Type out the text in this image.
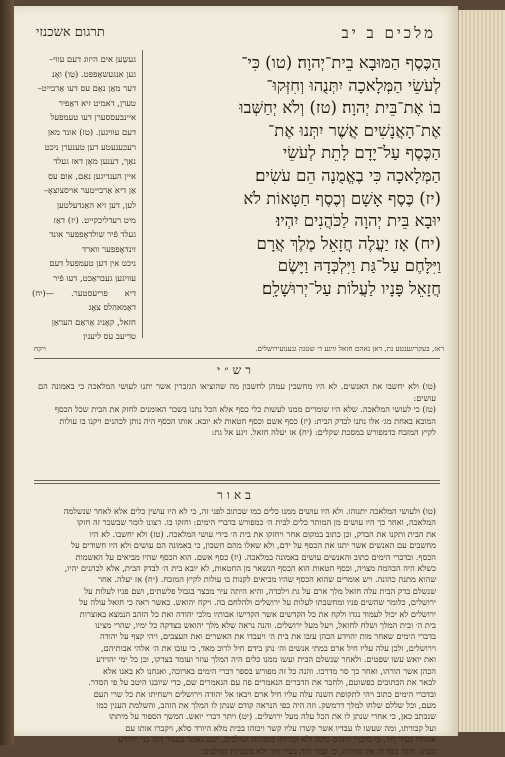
תרגום אשכנזי	מלכים ב יב

געשַען אים היזוג דעם עווי–

גען אנגעשאַפפט. (טו) ואָנ

דער מאַן נאַם עס דעו אַרבייט–

טערן, דאמיט זיא דאַפיר

איינבעססערן דעו טעמפעל

דעם עוויגען. (טז) אונד מאן

רעכענעטע דען טענערן ניכט

נאַך, דענען מאַן דאז געלד

איין הענדיגען נאַם, אום עס

אַן דיא אַרבייטער אויסצוצאָ–

לען, דען זיא האַנדעלטען

מיט רעדליכקייט. (יז) דאַז

געלד פֿיר שולדאָפפער אונד

זינדאָפפער ווארד

ניכט אין דען טעמפעל דעם

עוויגען געבראַכט, דעו פֿיר

דיא פריעסטער. —(יח) דאַמאהלס צאָג

חזאל, קאָניג אַראַם העראַן

טריעב עס ליענין

הַכֶּסֶף הַמּוּבָא בֵית־יְהוָה׃ (טו) כִּי־

לְעֹשֵׂי הַמְּלָאכָה יִתְּנֻהוּ וְחִזְּקוּ־

בוֹ אֶת־בֵּית יְהוָה׃ (טז) וְלֹא יְחַשְּׁבוּ

אֶת־הָאֲנָשִׁים אֲשֶׁר יִתְּנוּ אֶת־

הַכֶּסֶף עַל־יָדָם לָתֵת לְעֹשֵׂי

הַמְּלָאכָה כִּי בֶאֱמֻנָה הֵם עֹשִׂים׃

(יז) כֶּסֶף אָשָׁם וְכֶסֶף חַטָּאוֹת לֹא

יוּבָא בֵּית יְהוָה לַכֹּהֲנִים יִהְיוּ׃

(יח) אָז יַעֲלֶה חֲזָאֵל מֶלֶךְ אֲרָם

וַיִּלָּחֶם עַל־גַּת וַיִּלְכְּדָהּ וַיָּשֶׂם

חֲזָאֵל פָּנָיו לַעֲלוֹת עַל־יְרוּשָׁלִָם׃

ראז, בעקריגענטע נת, דאן נאהם חזאל וויגע ד׳ שטנה גגענועירושלים.
ויקח
רש״י

(טו) ולא יחשבו את האנשים. לא היו מחשבין עמהן לחשבון מה שהוציאו הגזברין אשר יתנו לעושי המלאכה כי באמונה הם עושים:

(טז) כי לעושי המלאכה. שלא היו שומרים ממנו לעשות כלי כסף אלא הכל נתנו בשכר האומנים לחזק את הבית שכל הכסף

המובא באחת מג׳ אלו נתנו לבדק הבית: (יז) כסף אשם וכסף חטאות לא יובא. אותו הכסף היה נותן לכהנים ויקנו בו עולות

לקיץ המזבח כדמפורש במסכת שקלים: (יח) אז יעלה חזאל. ויגע אל גת:

באור

(טו) ולעושי המלאכה יתנוהו. ולא היו עושים ממנו כלים כמו שכתוב לפני זה, כי לא היו עושין כלים אלא לאחר שנשלמה

המלאכה, ואחר כך היו עושים מן המותר כלים לבית ה׳ כמפורש בדברי הימים: וחזקו בו. רצונו לומר שבשכר זה חזקו

את הבית ותקנו את הבדק, וכן כתוב במקום אחר ויחזקו את בית ה׳ בידי עושי המלאכה. (טז) ולא יחשבו. לא היו

מחשבים עם האנשים אשר יתנו את הכסף על ידם, ולא שאלו מהם חשבון, כי באמונה הם עושים ולא היו חשודים על

הכסף. ובדברי הימים כתוב והאנשים עושים באמונה במלאכה. (יז) כסף אשם. הוא הכסף שהיו מביאים על האשמות

כשלא היה הבהמה מצויה, וכסף חטאות הוא הכסף הנשאר מן החטאות, לא יובא בית ה׳ לבדק הבית, אלא לכהנים יהיו,

שהוא מתנת כהונה. ויש אומרים שהוא הכסף שהיו מביאים לקנות בו עולות לקיץ המזבח. (יח) אז יעלה. אחר

שנשלם בדק הבית עלה חזאל מלך ארם על גת וילכדה, והיא היתה עיר מבצר בגבול פלשתים, ושם פניו לעלות על

ירושלים, כלומר שהשים פניו ומחשבתו לעלות על ירושלים ולהלחם בה. ויקח יהואש. כאשר ראה כי חזאל עולה על

ירושלים לא יכול לעמוד נגדו ולקח את כל הקדשים אשר הקדישו אבותיו מלכי יהודה ואת כל הזהב הנמצא באוצרות

בית ה׳ ובית המלך ושלח לחזאל, ויעל מעל ירושלים. והנה נראה שלא מלך יהואש בצדקה כל ימיו, שהרי מצינו

בדברי הימים שאחר מות יהוידע הכהן עזבו את בית ה׳ ויעבדו את האשרים ואת העצבים, ויהי קצף על יהודה

וירושלים, ולכן עלה עליו חיל ארם במתי אנשים וה׳ נתן בידם חיל לרוב מאד, כי עזבו את ה׳ אלהי אבותיהם,

ואת יואש עשו שפטים. ולאחר שנשלם הבית ועשו ממנו כלים היה המלך עוזר ועומד בצדקו, וכן כל ימי יהוידע

הכהן אשר הורהו, ואחר כך סר מדרכו. והנה כל זה מפורש בספר דברי הימים בארוכה, ואנחנו לא באנו אלא

לבאר את הכתובים כפשוטם, ולחבר את הדברים הנאמרים פה עם הנאמרים שם, כדי שיובנו היטב על פי הסדר.

ובדברי הימים כתוב ויהי לתקופת השנה עלה עליו חיל ארם ויבאו אל יהודה וירושלים וישחיתו את כל שרי העם

מעם, וכל שללם שלחו למלך דרמשק. וזה היה כפי הנראה קודם שנתן לו המלך את הזהב, והשלמת הענין כמו

שנכתב כאן, כי אחרי שנתן לו את הכל עלה מעל ירושלים. (יט) ויתר דברי יואש. המשך הספור על מיתתו

ועל קבורתו, ומה שעשו לו עבדיו אשר קשרו עליו קשר ויכוהו בבית מלא היורד סלא, ויקברו אותו עם

אבותיו בעיר דוד, כי בדברי הימים כתוב ולא קברוהו בקברות המלכים, ושם נאמר בעבור דמי בני יהוידע

הכהן. והנה בכל זה אין סתירה, כי קבור היה בעיר דוד ולא בקברות המלכים.
